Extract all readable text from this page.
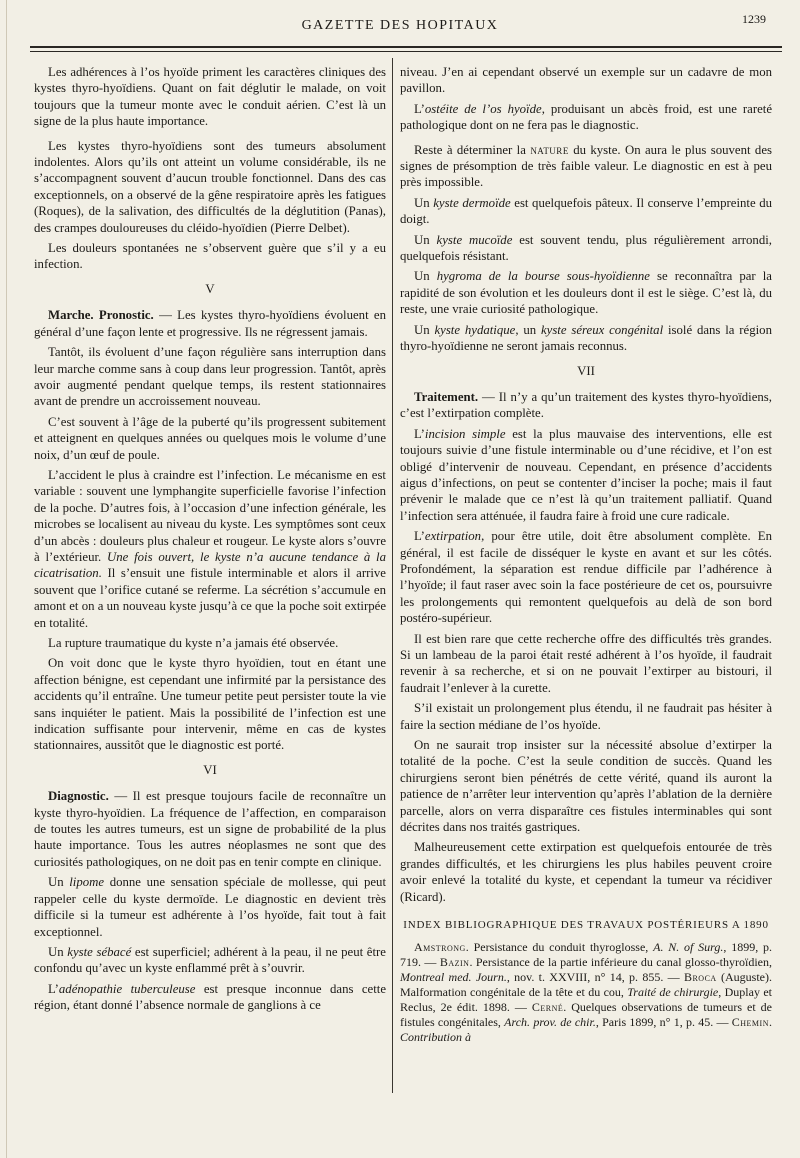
GAZETTE DES HOPITAUX	1239

Les adhérences à l’os hyoïde priment les caractères cliniques des kystes thyro-hyoïdiens. Quant on fait déglutir le malade, on voit toujours que la tumeur monte avec le conduit aérien. C’est là un signe de la plus haute importance.

Les kystes thyro-hyoïdiens sont des tumeurs absolument indolentes. Alors qu’ils ont atteint un volume considérable, ils ne s’accompagnent souvent d’aucun trouble fonctionnel. Dans des cas exceptionnels, on a observé de la gêne respiratoire après les fatigues (Roques), de la salivation, des difficultés de la déglutition (Panas), des crampes douloureuses du cléido-hyoïdien (Pierre Delbet).

Les douleurs spontanées ne s’observent guère que s’il y a eu infection.

V

Marche. Pronostic. — Les kystes thyro-hyoïdiens évoluent en général d’une façon lente et progressive. Ils ne régressent jamais.

Tantôt, ils évoluent d’une façon régulière sans interruption dans leur marche comme sans à coup dans leur progression. Tantôt, après avoir augmenté pendant quelque temps, ils restent stationnaires avant de prendre un accroissement nouveau.

C’est souvent à l’âge de la puberté qu’ils progressent subitement et atteignent en quelques années ou quelques mois le volume d’une noix, d’un œuf de poule.

L’accident le plus à craindre est l’infection. Le mécanisme en est variable : souvent une lymphangite superficielle favorise l’infection de la poche. D’autres fois, à l’occasion d’une infection générale, les microbes se localisent au niveau du kyste. Les symptômes sont ceux d’un abcès : douleurs plus chaleur et rougeur. Le kyste alors s’ouvre à l’extérieur. Une fois ouvert, le kyste n’a aucune tendance à la cicatrisation. Il s’ensuit une fistule interminable et alors il arrive souvent que l’orifice cutané se referme. La sécrétion s’accumule en amont et on a un nouveau kyste jusqu’à ce que la poche soit extirpée en totalité.

La rupture traumatique du kyste n’a jamais été observée.

On voit donc que le kyste thyro hyoïdien, tout en étant une affection bénigne, est cependant une infirmité par la persistance des accidents qu’il entraîne. Une tumeur petite peut persister toute la vie sans inquiéter le patient. Mais la possibilité de l’infection est une indication suffisante pour intervenir, même en cas de kystes stationnaires, aussitôt que le diagnostic est porté.

VI

Diagnostic. — Il est presque toujours facile de reconnaître un kyste thyro-hyoïdien. La fréquence de l’affection, en comparaison de toutes les autres tumeurs, est un signe de probabilité de la plus haute importance. Tous les autres néoplasmes ne sont que des curiosités pathologiques, on ne doit pas en tenir compte en clinique.

Un lipome donne une sensation spéciale de mollesse, qui peut rappeler celle du kyste dermoïde. Le diagnostic en devient très difficile si la tumeur est adhérente à l’os hyoïde, fait tout à fait exceptionnel.

Un kyste sébacé est superficiel; adhérent à la peau, il ne peut être confondu qu’avec un kyste enflammé prêt à s’ouvrir.

L’adénopathie tuberculeuse est presque inconnue dans cette région, étant donné l’absence normale de ganglions à ce

niveau. J’en ai cependant observé un exemple sur un cadavre de mon pavillon.

L’ostéite de l’os hyoïde, produisant un abcès froid, est une rareté pathologique dont on ne fera pas le diagnostic.

Reste à déterminer la nature du kyste. On aura le plus souvent des signes de présomption de très faible valeur. Le diagnostic en est à peu près impossible.

Un kyste dermoïde est quelquefois pâteux. Il conserve l’empreinte du doigt.

Un kyste mucoïde est souvent tendu, plus régulièrement arrondi, quelquefois résistant.

Un hygroma de la bourse sous-hyoïdienne se reconnaîtra par la rapidité de son évolution et les douleurs dont il est le siège. C’est là, du reste, une vraie curiosité pathologique.

Un kyste hydatique, un kyste séreux congénital isolé dans la région thyro-hyoïdienne ne seront jamais reconnus.

VII

Traitement. — Il n’y a qu’un traitement des kystes thyro-hyoïdiens, c’est l’extirpation complète.

L’incision simple est la plus mauvaise des interventions, elle est toujours suivie d’une fistule interminable ou d’une récidive, et l’on est obligé d’intervenir de nouveau. Cependant, en présence d’accidents aigus d’infections, on peut se contenter d’inciser la poche; mais il faut prévenir le malade que ce n’est là qu’un traitement palliatif. Quand l’infection sera atténuée, il faudra faire à froid une cure radicale.

L’extirpation, pour être utile, doit être absolument complète. En général, il est facile de disséquer le kyste en avant et sur les côtés. Profondément, la séparation est rendue difficile par l’adhérence à l’hyoïde; il faut raser avec soin la face postérieure de cet os, poursuivre les prolongements qui remontent quelquefois au delà de son bord postéro-supérieur.

Il est bien rare que cette recherche offre des difficultés très grandes. Si un lambeau de la paroi était resté adhérent à l’os hyoïde, il faudrait revenir à sa recherche, et si on ne pouvait l’extirper au bistouri, il faudrait l’enlever à la curette.

S’il existait un prolongement plus étendu, il ne faudrait pas hésiter à faire la section médiane de l’os hyoïde.

On ne saurait trop insister sur la nécessité absolue d’extirper la totalité de la poche. C’est la seule condition de succès. Quand les chirurgiens seront bien pénétrés de cette vérité, quand ils auront la patience de n’arrêter leur intervention qu’après l’ablation de la dernière parcelle, alors on verra disparaître ces fistules interminables qui sont décrites dans nos traités gastriques.

Malheureusement cette extirpation est quelquefois entourée de très grandes difficultés, et les chirurgiens les plus habiles peuvent croire avoir enlevé la totalité du kyste, et cependant la tumeur va récidiver (Ricard).

INDEX BIBLIOGRAPHIQUE DES TRAVAUX POSTÉRIEURS A 1890

Amstrong. Persistance du conduit thyroglosse, A. N. of Surg., 1899, p. 719. — Bazin. Persistance de la partie inférieure du canal glosso-thyroïdien, Montreal med. Journ., nov. t. XXVIII, n° 14, p. 855. — Broca (Auguste). Malformation congénitale de la tête et du cou, Traité de chirurgie, Duplay et Reclus, 2e édit. 1898. — Cerné. Quelques observations de tumeurs et de fistules congénitales, Arch. prov. de chir., Paris 1899, n° 1, p. 45. — Chemin. Contribution à
